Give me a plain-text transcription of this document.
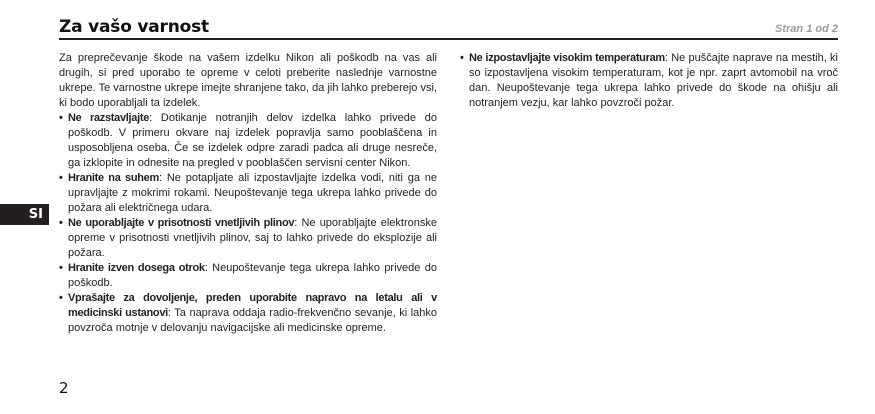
Za vašo varnost	Stran 1 od 2

Za preprečevanje škode na vašem izdelku Nikon ali poškodb na vas ali drugih, si pred uporabo te opreme v celoti preberite naslednje varnostne ukrepe. Te varnostne ukrepe imejte shranjene tako, da jih lahko preberejo vsi, ki bodo uporabljali ta izdelek.

• Ne razstavljajte: Dotikanje notranjih delov izdelka lahko privede do poškodb. V primeru okvare naj izdelek popravlja samo pooblaščena in usposobljena oseba. Če se izdelek odpre zaradi padca ali druge nesreče, ga izklopite in odnesite na pregled v pooblaščen servisni center Nikon.

• Hranite na suhem: Ne potapljate ali izpostavljajte izdelka vodi, niti ga ne upravljajte z mokrimi rokami. Neupoštevanje tega ukrepa lahko privede do požara ali električnega udara.

• Ne uporabljajte v prisotnosti vnetljivih plinov: Ne uporabljajte elektronske opreme v prisotnosti vnetljivih plinov, saj to lahko privede do eksplozije ali požara.

• Hranite izven dosega otrok: Neupoštevanje tega ukrepa lahko privede do poškodb.

• Vprašajte za dovoljenje, preden uporabite napravo na letalu ali v medicinski ustanovi: Ta naprava oddaja radio-frekvenčno sevanje, ki lahko povzroča motnje v delovanju navigacijske ali medicinske opreme.

• Ne izpostavljajte visokim temperaturam: Ne puščajte naprave na mestih, ki so izpostavljena visokim temperaturam, kot je npr. zaprt avtomobil na vroč dan. Neupoštevanje tega ukrepa lahko privede do škode na ohišju ali notranjem vezju, kar lahko povzroči požar.

SI
2
